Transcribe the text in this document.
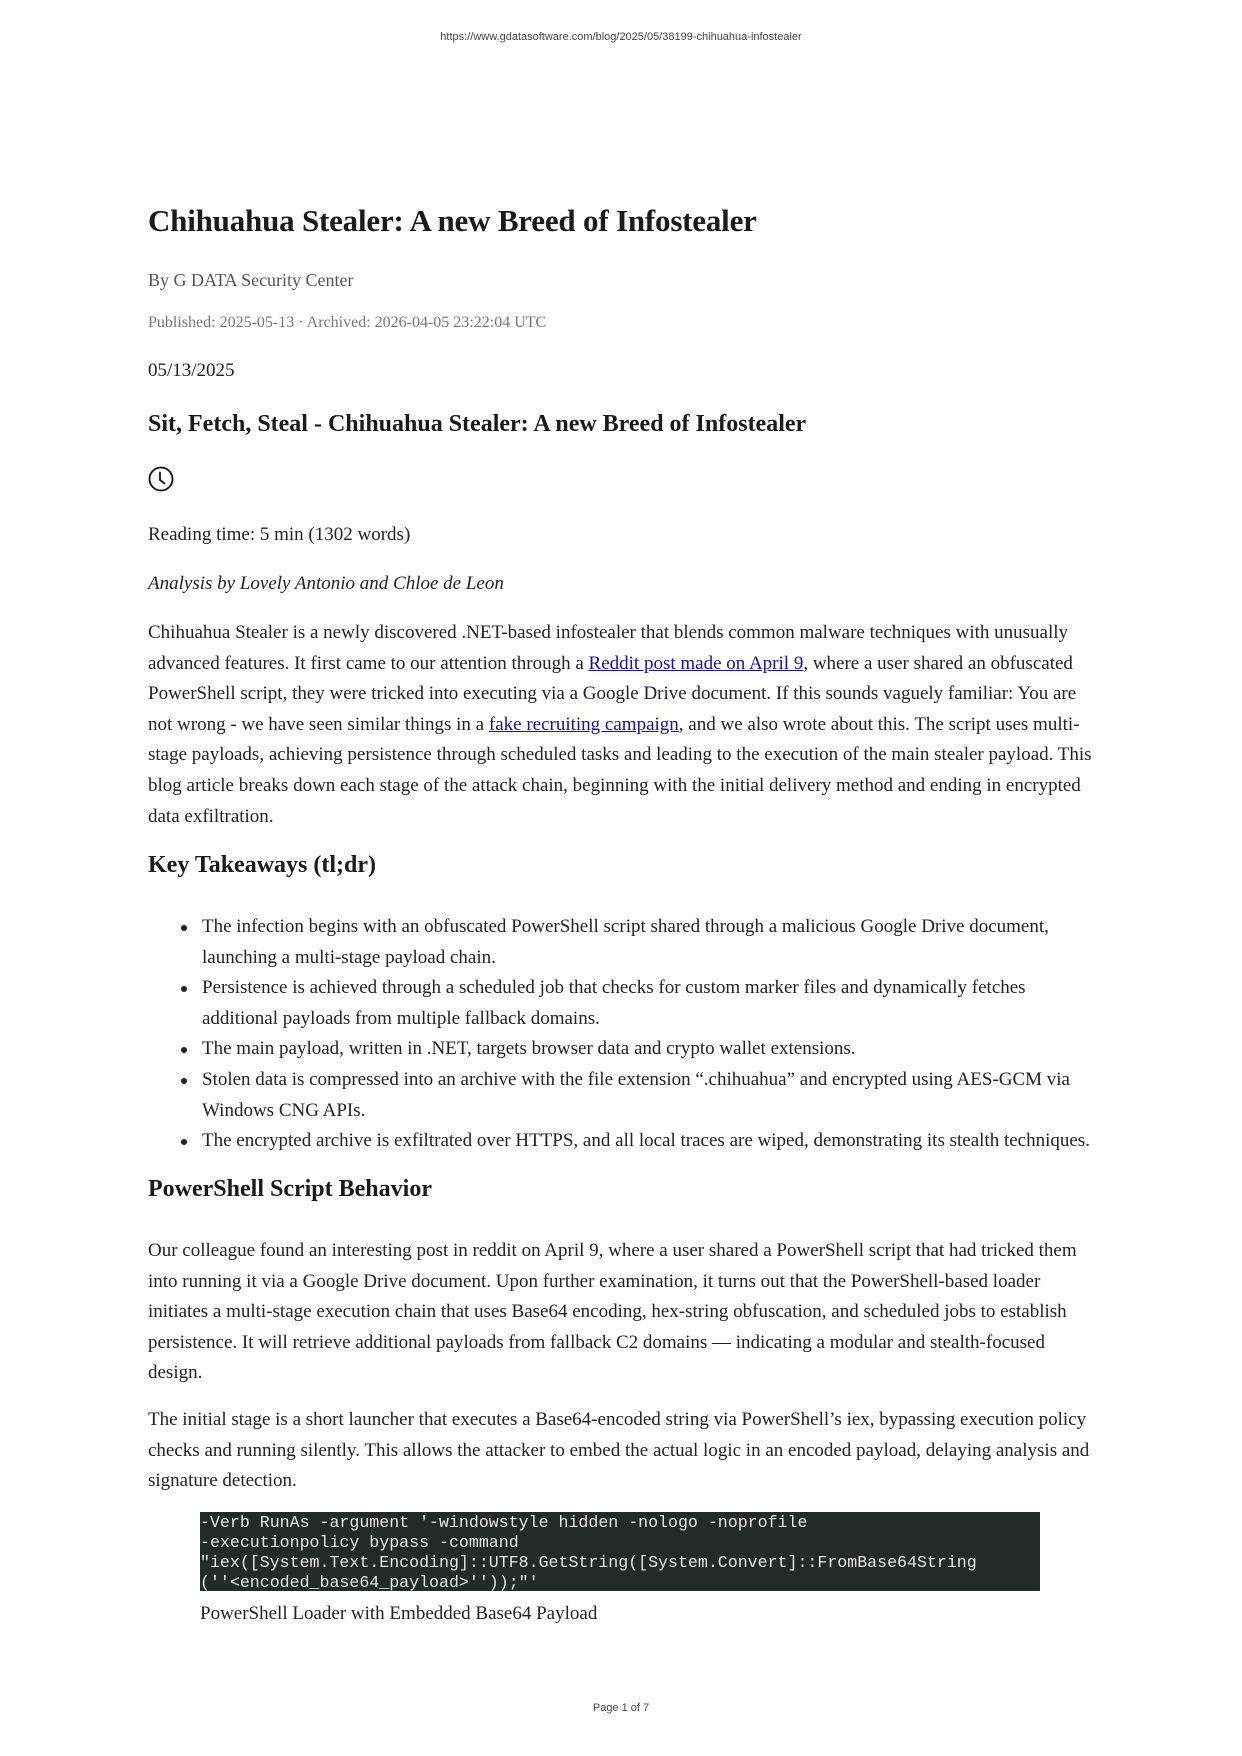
https://www.gdatasoftware.com/blog/2025/05/38199-chihuahua-infostealer
Chihuahua Stealer: A new Breed of Infostealer
By G DATA Security Center
Published: 2025-05-13 · Archived: 2026-04-05 23:22:04 UTC
05/13/2025
Sit, Fetch, Steal - Chihuahua Stealer: A new Breed of Infostealer
Reading time: 5 min (1302 words)
Analysis by Lovely Antonio and Chloe de Leon

Chihuahua Stealer is a newly discovered .NET-based infostealer that blends common malware techniques with unusually advanced features. It first came to our attention through a Reddit post made on April 9, where a user shared an obfuscated PowerShell script, they were tricked into executing via a Google Drive document. If this sounds vaguely familiar: You are not wrong - we have seen similar things in a fake recruiting campaign, and we also wrote about this. The script uses multi-stage payloads, achieving persistence through scheduled tasks and leading to the execution of the main stealer payload. This blog article breaks down each stage of the attack chain, beginning with the initial delivery method and ending in encrypted data exfiltration.

Key Takeaways (tl;dr)
The infection begins with an obfuscated PowerShell script shared through a malicious Google Drive document, launching a multi-stage payload chain.
Persistence is achieved through a scheduled job that checks for custom marker files and dynamically fetches additional payloads from multiple fallback domains.
The main payload, written in .NET, targets browser data and crypto wallet extensions.
Stolen data is compressed into an archive with the file extension “.chihuahua” and encrypted using AES-GCM via Windows CNG APIs.
The encrypted archive is exfiltrated over HTTPS, and all local traces are wiped, demonstrating its stealth techniques.
PowerShell Script Behavior

Our colleague found an interesting post in reddit on April 9, where a user shared a PowerShell script that had tricked them into running it via a Google Drive document. Upon further examination, it turns out that the PowerShell-based loader initiates a multi-stage execution chain that uses Base64 encoding, hex-string obfuscation, and scheduled jobs to establish persistence. It will retrieve additional payloads from fallback C2 domains — indicating a modular and stealth-focused design.

The initial stage is a short launcher that executes a Base64-encoded string via PowerShell’s iex, bypassing execution policy checks and running silently. This allows the attacker to embed the actual logic in an encoded payload, delaying analysis and signature detection.

-Verb RunAs -argument '-windowstyle hidden -nologo -noprofile
-executionpolicy bypass -command
"iex([System.Text.Encoding]::UTF8.GetString([System.Convert]::FromBase64String
(''<encoded_base64_payload>''));"'
PowerShell Loader with Embedded Base64 Payload
Page 1 of 7
